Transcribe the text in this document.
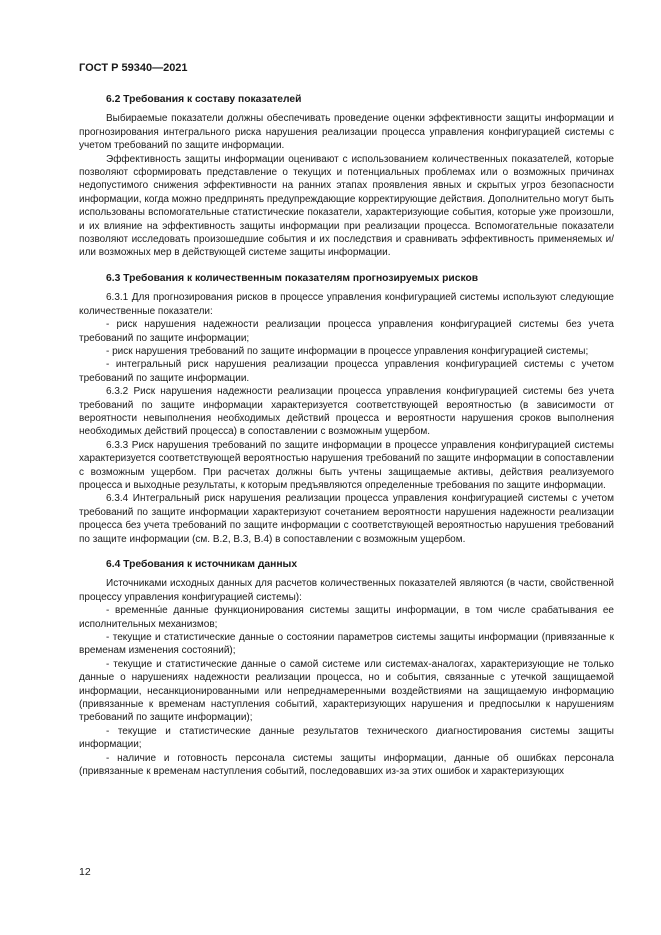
ГОСТ Р 59340—2021
6.2 Требования к составу показателей

Выбираемые показатели должны обеспечивать проведение оценки эффективности защиты информации и прогнозирования интегрального риска нарушения реализации процесса управления конфигурацией системы с учетом требований по защите информации.

Эффективность защиты информации оценивают с использованием количественных показателей, которые позволяют сформировать представление о текущих и потенциальных проблемах или о возможных причинах недопустимого снижения эффективности на ранних этапах проявления явных и скрытых угроз безопасности информации, когда можно предпринять предупреждающие корректирующие действия. Дополнительно могут быть использованы вспомогательные статистические показатели, характеризующие события, которые уже произошли, и их влияние на эффективность защиты информации при реализации процесса. Вспомогательные показатели позволяют исследовать произошедшие события и их последствия и сравнивать эффективность применяемых и/или возможных мер в действующей системе защиты информации.

6.3 Требования к количественным показателям прогнозируемых рисков

6.3.1 Для прогнозирования рисков в процессе управления конфигурацией системы используют следующие количественные показатели:

- риск нарушения надежности реализации процесса управления конфигурацией системы без учета требований по защите информации;

- риск нарушения требований по защите информации в процессе управления конфигурацией системы;

- интегральный риск нарушения реализации процесса управления конфигурацией системы с учетом требований по защите информации.

6.3.2 Риск нарушения надежности реализации процесса управления конфигурацией системы без учета требований по защите информации характеризуется соответствующей вероятностью (в зависимости от вероятности невыполнения необходимых действий процесса и вероятности нарушения сроков выполнения необходимых действий процесса) в сопоставлении с возможным ущербом.

6.3.3 Риск нарушения требований по защите информации в процессе управления конфигурацией системы характеризуется соответствующей вероятностью нарушения требований по защите информации в сопоставлении с возможным ущербом. При расчетах должны быть учтены защищаемые активы, действия реализуемого процесса и выходные результаты, к которым предъявляются определенные требования по защите информации.

6.3.4 Интегральный риск нарушения реализации процесса управления конфигурацией системы с учетом требований по защите информации характеризуют сочетанием вероятности нарушения надежности реализации процесса без учета требований по защите информации с соответствующей вероятностью нарушения требований по защите информации (см. В.2, В.3, В.4) в сопоставлении с возможным ущербом.

6.4 Требования к источникам данных

Источниками исходных данных для расчетов количественных показателей являются (в части, свойственной процессу управления конфигурацией системы):

- временны́е данные функционирования системы защиты информации, в том числе срабатывания ее исполнительных механизмов;

- текущие и статистические данные о состоянии параметров системы защиты информации (привязанные к временам изменения состояний);

- текущие и статистические данные о самой системе или системах-аналогах, характеризующие не только данные о нарушениях надежности реализации процесса, но и события, связанные с утечкой защищаемой информации, несанкционированными или непреднамеренными воздействиями на защищаемую информацию (привязанные к временам наступления событий, характеризующих нарушения и предпосылки к нарушениям требований по защите информации);

- текущие и статистические данные результатов технического диагностирования системы защиты информации;

- наличие и готовность персонала системы защиты информации, данные об ошибках персонала (привязанные к временам наступления событий, последовавших из-за этих ошибок и характеризующих

12
